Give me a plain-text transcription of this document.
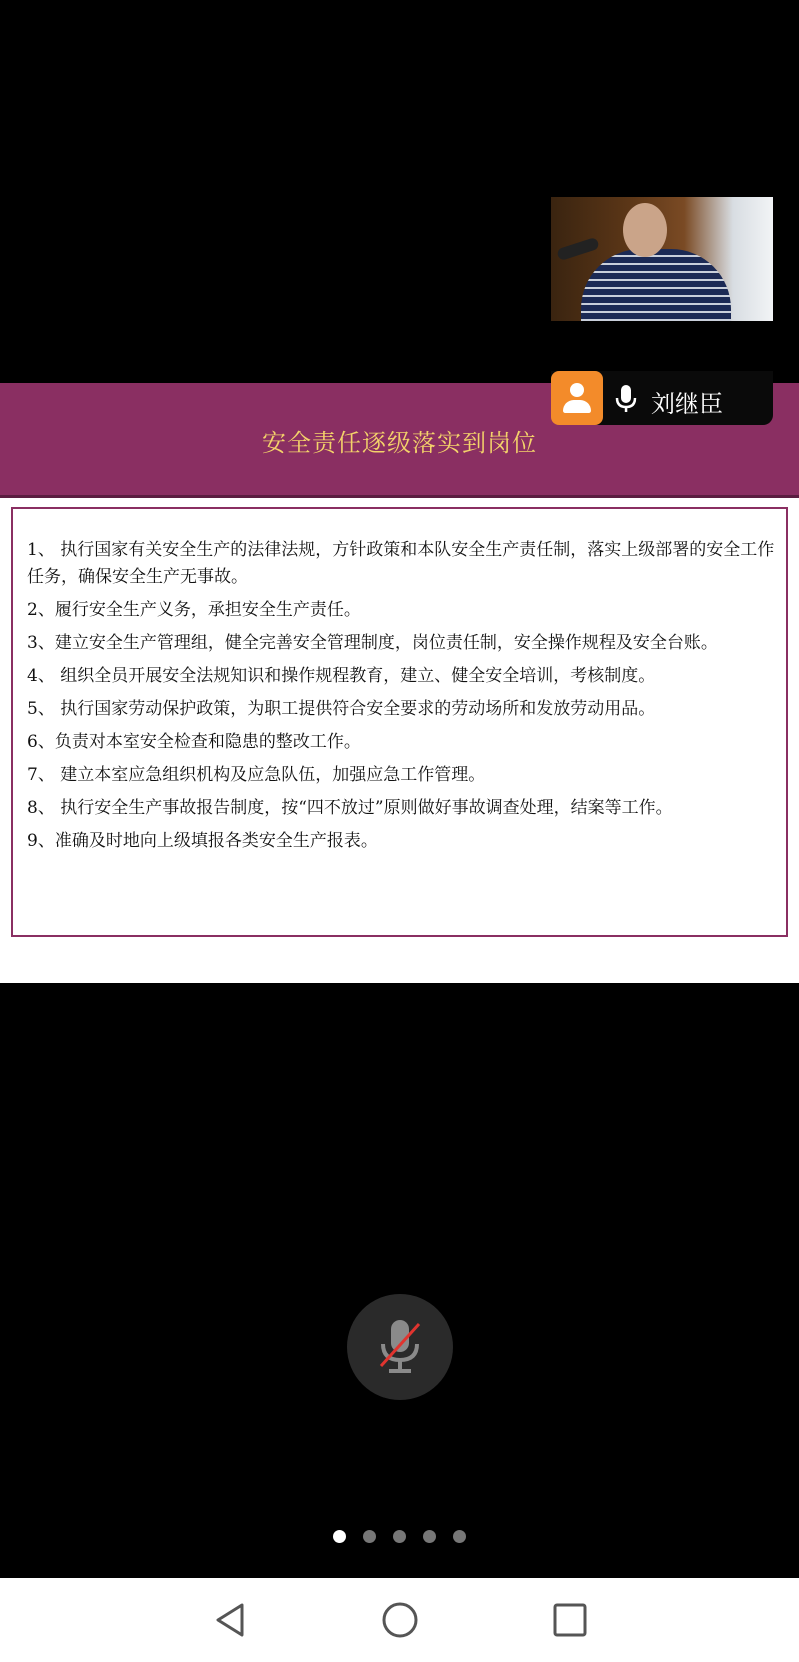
安全责任逐级落实到岗位
1、 执行国家有关安全生产的法律法规，方针政策和本队安全生产责任制，落实上级部署的安全工作任务，确保安全生产无事故。
2、履行安全生产义务，承担安全生产责任。
3、建立安全生产管理组，健全完善安全管理制度，岗位责任制，安全操作规程及安全台账。
4、 组织全员开展安全法规知识和操作规程教育，建立、健全安全培训，考核制度。
5、 执行国家劳动保护政策，为职工提供符合安全要求的劳动场所和发放劳动用品。
6、负责对本室安全检查和隐患的整改工作。
7、 建立本室应急组织机构及应急队伍，加强应急工作管理。
8、 执行安全生产事故报告制度，按“四不放过”原则做好事故调查处理，结案等工作。
9、准确及时地向上级填报各类安全生产报表。
刘继臣
